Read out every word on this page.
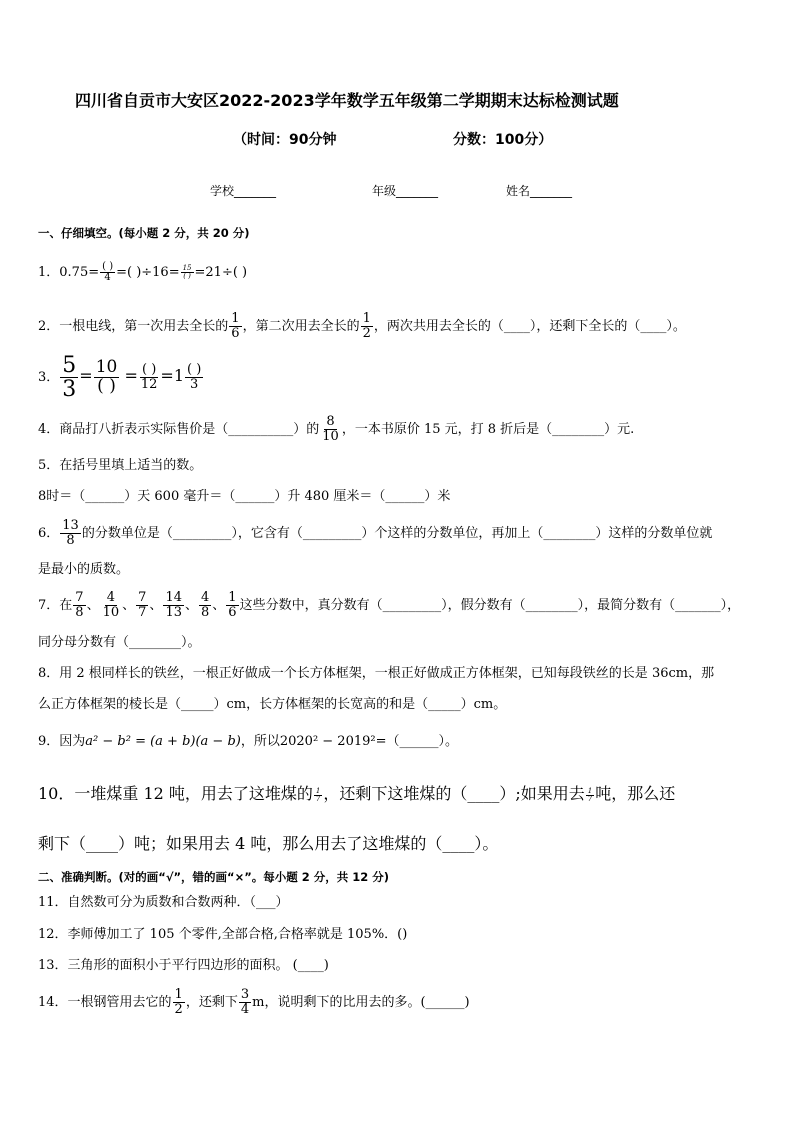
四川省自贡市大安区2022-2023学年数学五年级第二学期期末达标检测试题
（时间：90分钟	分数：100分）
学校_______	年级_______	姓名_______
一、仔细填空。(每小题 2 分，共 20 分)
1．$0.75= \frac{( )}{4}$ =( )$\div 16= \frac{15}{( )} =21\div$( )
2．一根电线，第一次用去全长的 $\frac{1}{6}$ ，第二次用去全长的 $\frac{1}{2}$ ，两次共用去全长的（____），还剩下全长的（____）。
3． $\frac{5}{3} = \frac{10}{( )} = \frac{( )}{12} =1 \frac{( )}{3}$
4．商品打八折表示实际售价是（__________）的 $\frac{8}{10}$ ，一本书原价 15 元，打 8 折后是（________）元.
5．在括号里填上适当的数。
8时＝（______）天 600 毫升＝（______）升 480 厘米＝（______）米
6． $\frac{13}{8}$ 的分数单位是（_________），它含有（_________）个这样的分数单位，再加上（________）这样的分数单位就
是最小的质数。
7．在 $\frac{7}{8}$ 、 $\frac{4}{10}$ 、 $\frac{7}{7}$ 、 $\frac{14}{13}$ 、 $\frac{4}{8}$ 、 $\frac{1}{6}$ 这些分数中，真分数有（_________），假分数有（________），最简分数有（_______），
同分母分数有（________）。
8．用 2 根同样长的铁丝，一根正好做成一个长方体框架，一根正好做成正方体框架，已知每段铁丝的长是 36cm，那
么正方体框架的棱长是（_____）cm，长方体框架的长宽高的和是（_____）cm。
9．因为a² − b² = (a + b)(a − b)，所以2020² − 2019²=（______）。
10．一堆煤重 12 吨，用去了这堆煤的 $\frac{1}{7}$ ，还剩下这堆煤的（____）;如果用去 $\frac{1}{7}$ 吨，那么还
剩下（____）吨；如果用去 4 吨，那么用去了这堆煤的（____）。
二、准确判断。(对的画“√”，错的画“×”。每小题 2 分，共 12 分)
11．自然数可分为质数和合数两种．（___）
12．李师傅加工了 105 个零件,全部合格,合格率就是 105%．()
13．三角形的面积小于平行四边形的面积。 (____)
14．一根钢管用去它的 $\frac{1}{2}$ ，还剩下 $\frac{3}{4}$ m，说明剩下的比用去的多。(______)
